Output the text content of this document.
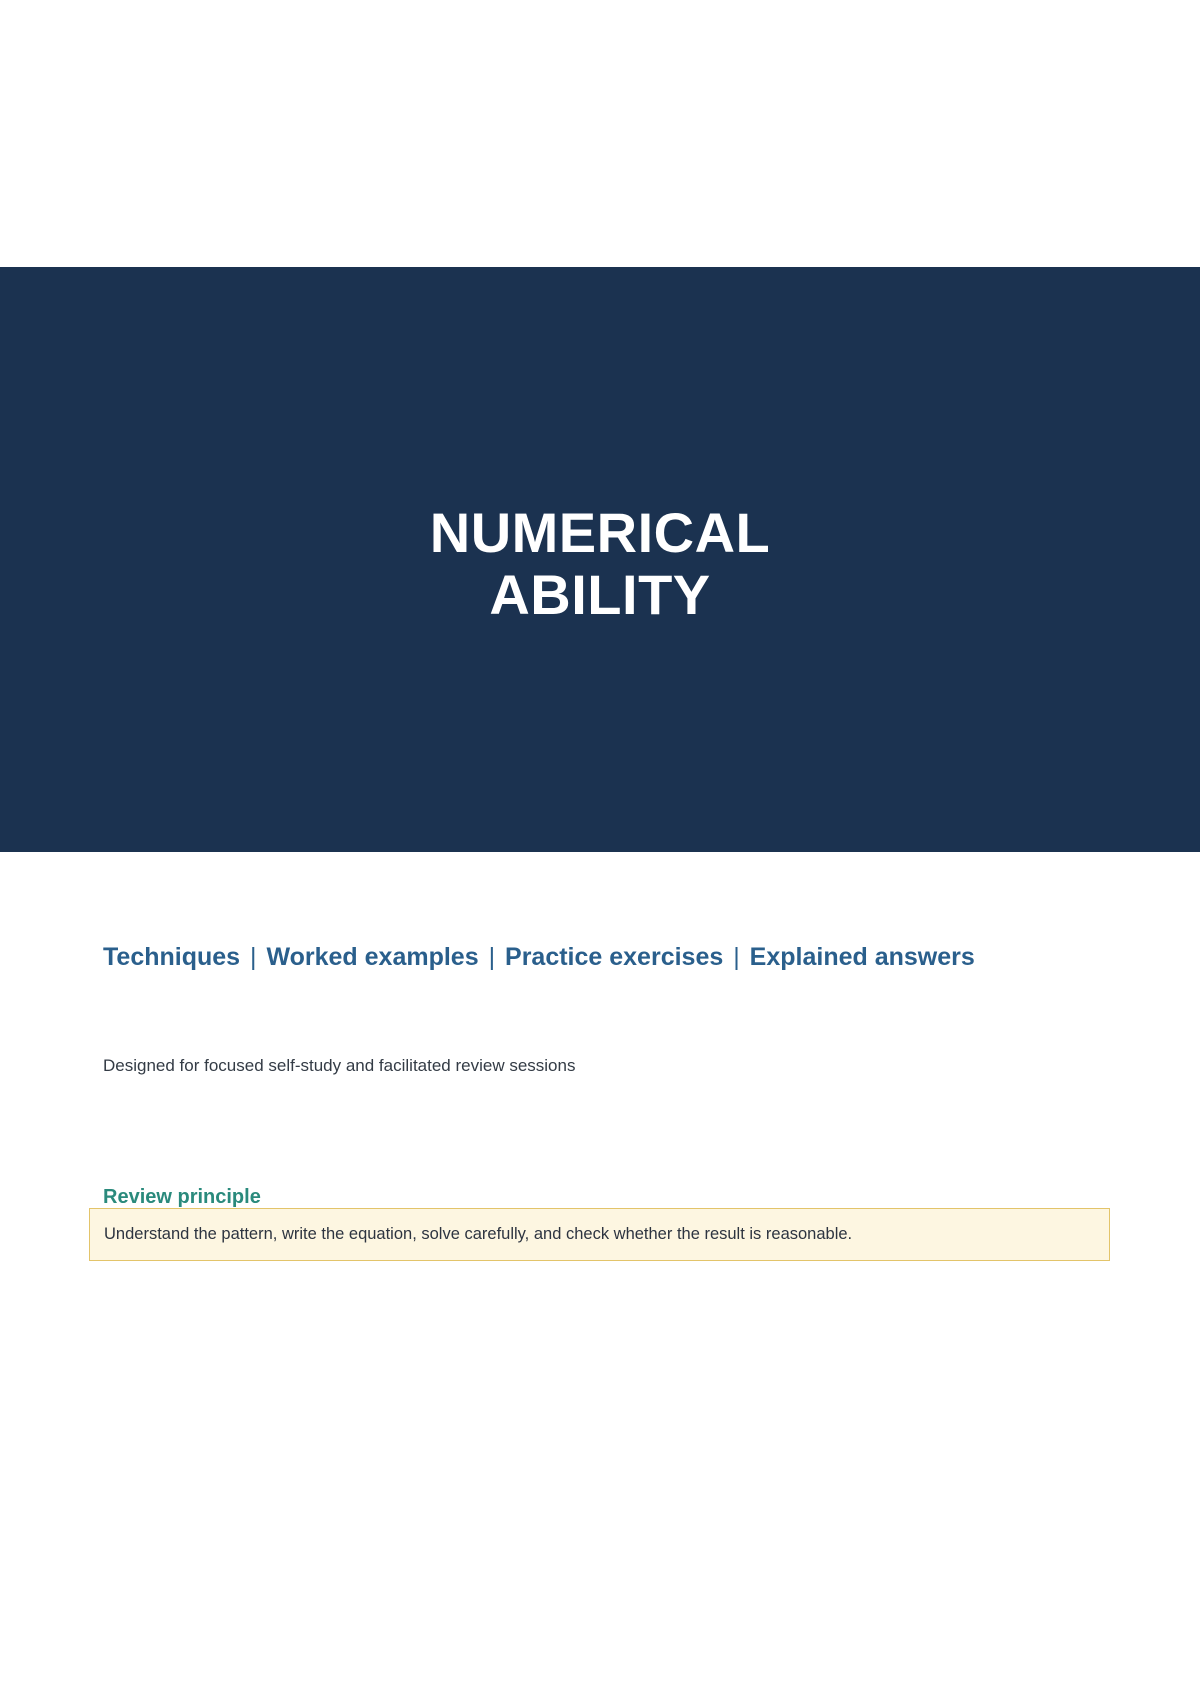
NUMERICAL
ABILITY
Techniques | Worked examples | Practice exercises | Explained answers
Designed for focused self-study and facilitated review sessions
Review principle
Understand the pattern, write the equation, solve carefully, and check whether the result is reasonable.
